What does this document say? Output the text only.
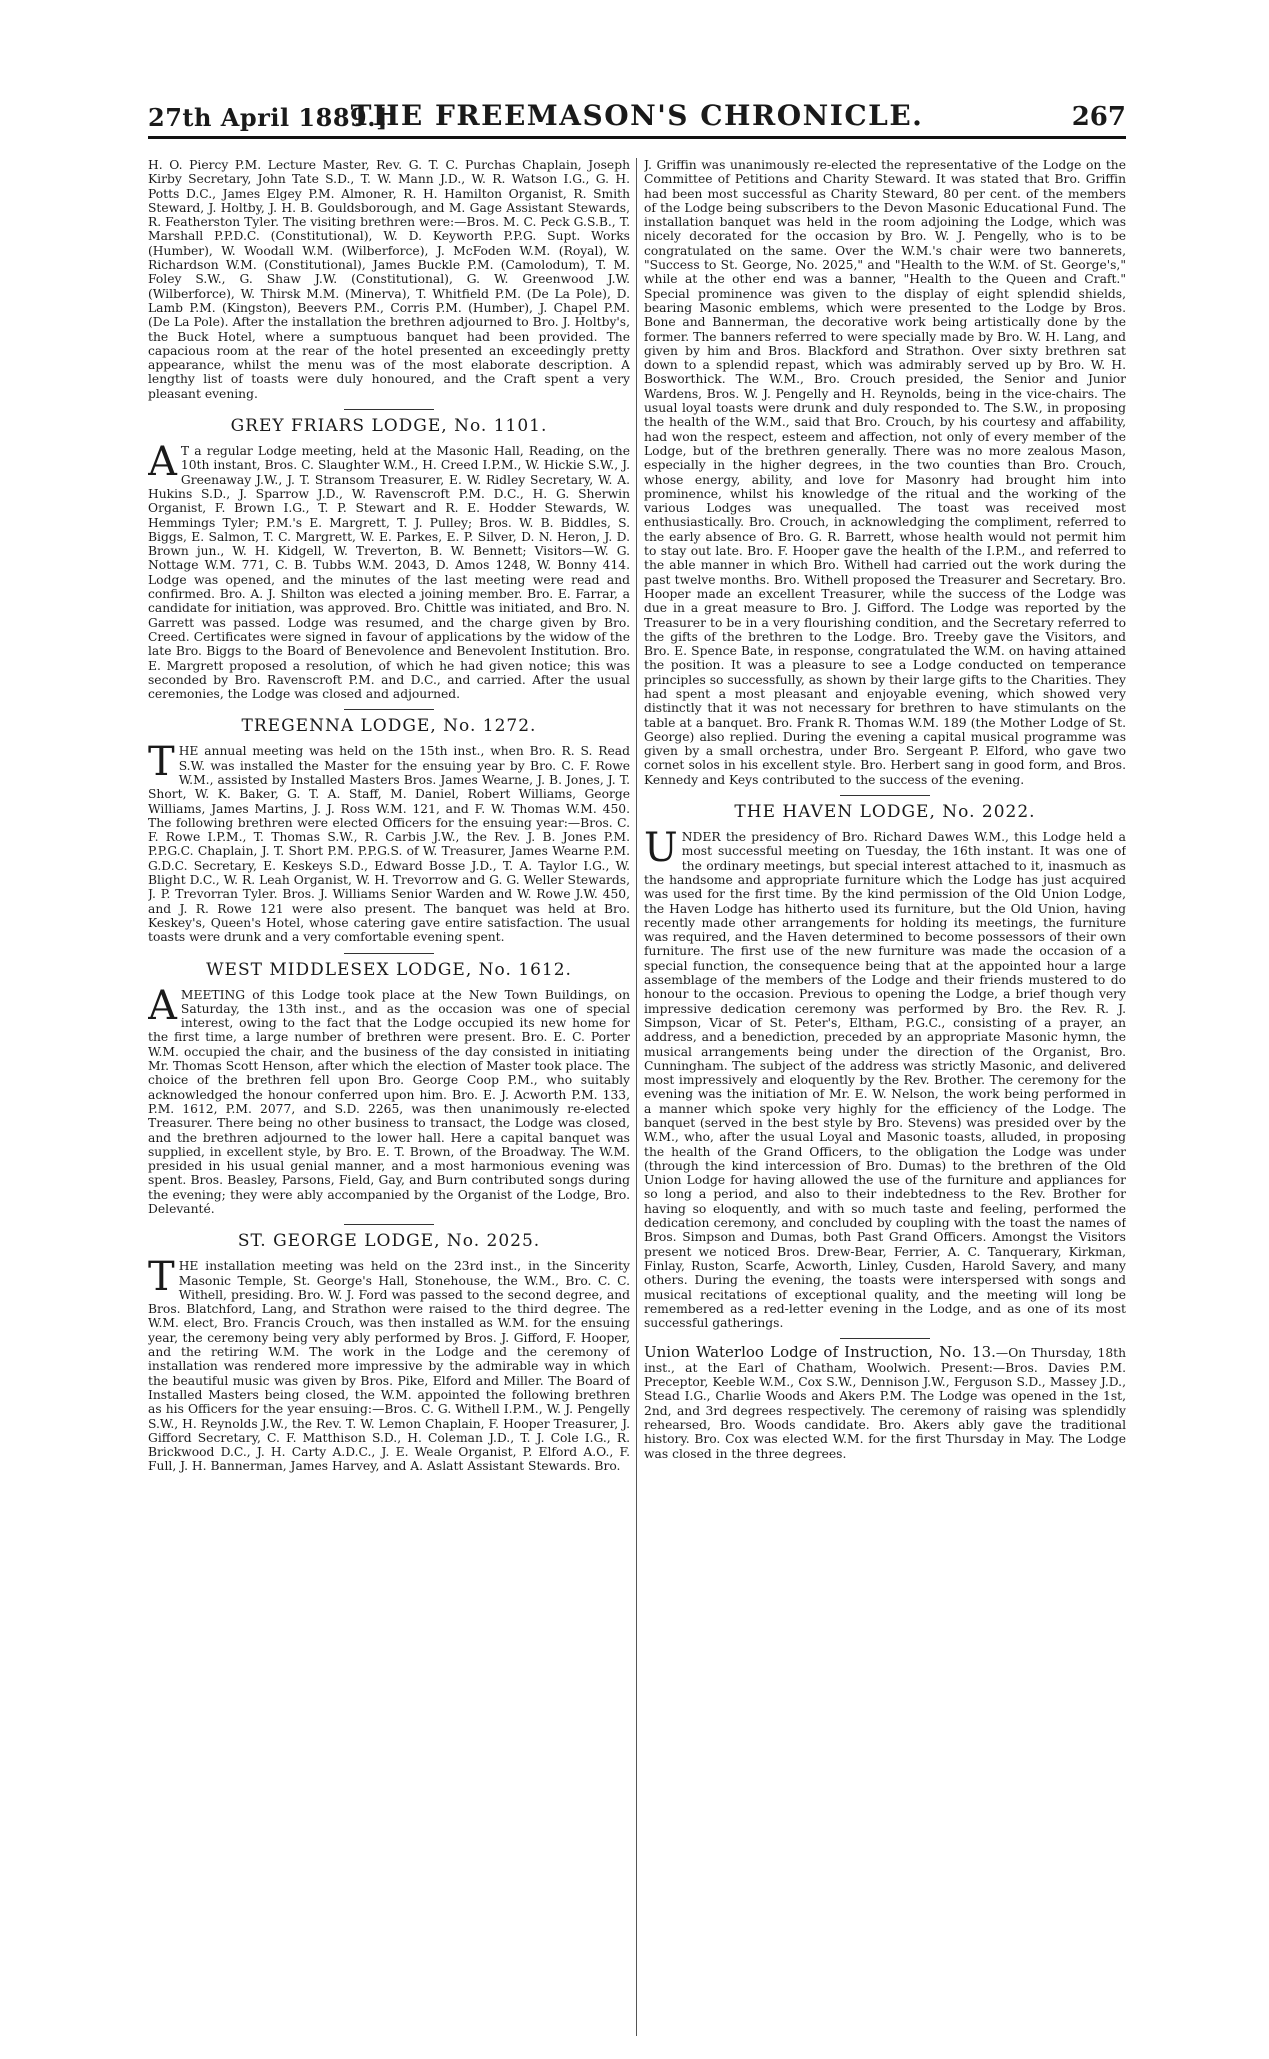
27th April 1889.]
THE FREEMASON'S CHRONICLE.	267

H. O. Piercy P.M. Lecture Master, Rev. G. T. C. Purchas Chaplain, Joseph Kirby Secretary, John Tate S.D., T. W. Mann J.D., W. R. Watson I.G., G. H. Potts D.C., James Elgey P.M. Almoner, R. H. Hamilton Organist, R. Smith Steward, J. Holtby, J. H. B. Gouldsborough, and M. Gage Assistant Stewards, R. Featherston Tyler. The visiting brethren were:—Bros. M. C. Peck G.S.B., T. Marshall P.P.D.C. (Constitutional), W. D. Keyworth P.P.G. Supt. Works (Humber), W. Woodall W.M. (Wilberforce), J. McFoden W.M. (Royal), W. Richardson W.M. (Constitutional), James Buckle P.M. (Camolodum), T. M. Foley S.W., G. Shaw J.W. (Constitutional), G. W. Greenwood J.W. (Wilberforce), W. Thirsk M.M. (Minerva), T. Whitfield P.M. (De La Pole), D. Lamb P.M. (Kingston), Beevers P.M., Corris P.M. (Humber), J. Chapel P.M. (De La Pole). After the installation the brethren adjourned to Bro. J. Holtby's, the Buck Hotel, where a sumptuous banquet had been provided. The capacious room at the rear of the hotel presented an exceedingly pretty appearance, whilst the menu was of the most elaborate description. A lengthy list of toasts were duly honoured, and the Craft spent a very pleasant evening.

GREY FRIARS LODGE, No. 1101.

A T a regular Lodge meeting, held at the Masonic Hall, Reading, on the 10th instant, Bros. C. Slaughter W.M., H. Creed I.P.M., W. Hickie S.W., J. Greenaway J.W., J. T. Stransom Treasurer, E. W. Ridley Secretary, W. A. Hukins S.D., J. Sparrow J.D., W. Ravenscroft P.M. D.C., H. G. Sherwin Organist, F. Brown I.G., T. P. Stewart and R. E. Hodder Stewards, W. Hemmings Tyler; P.M.'s E. Margrett, T. J. Pulley; Bros. W. B. Biddles, S. Biggs, E. Salmon, T. C. Margrett, W. E. Parkes, E. P. Silver, D. N. Heron, J. D. Brown jun., W. H. Kidgell, W. Treverton, B. W. Bennett; Visitors—W. G. Nottage W.M. 771, C. B. Tubbs W.M. 2043, D. Amos 1248, W. Bonny 414. Lodge was opened, and the minutes of the last meeting were read and confirmed. Bro. A. J. Shilton was elected a joining member. Bro. E. Farrar, a candidate for initiation, was approved. Bro. Chittle was initiated, and Bro. N. Garrett was passed. Lodge was resumed, and the charge given by Bro. Creed. Certificates were signed in favour of applications by the widow of the late Bro. Biggs to the Board of Benevolence and Benevolent Institution. Bro. E. Margrett proposed a resolution, of which he had given notice; this was seconded by Bro. Ravenscroft P.M. and D.C., and carried. After the usual ceremonies, the Lodge was closed and adjourned.

TREGENNA LODGE, No. 1272.

THE annual meeting was held on the 15th inst., when Bro. R. S. Read S.W. was installed the Master for the ensuing year by Bro. C. F. Rowe W.M., assisted by Installed Masters Bros. James Wearne, J. B. Jones, J. T. Short, W. K. Baker, G. T. A. Staff, M. Daniel, Robert Williams, George Williams, James Martins, J. J. Ross W.M. 121, and F. W. Thomas W.M. 450. The following brethren were elected Officers for the ensuing year:—Bros. C. F. Rowe I.P.M., T. Thomas S.W., R. Carbis J.W., the Rev. J. B. Jones P.M. P.P.G.C. Chaplain, J. T. Short P.M. P.P.G.S. of W. Treasurer, James Wearne P.M. G.D.C. Secretary, E. Keskeys S.D., Edward Bosse J.D., T. A. Taylor I.G., W. Blight D.C., W. R. Leah Organist, W. H. Trevorrow and G. G. Weller Stewards, J. P. Trevorran Tyler. Bros. J. Williams Senior Warden and W. Rowe J.W. 450, and J. R. Rowe 121 were also present. The banquet was held at Bro. Keskey's, Queen's Hotel, whose catering gave entire satisfaction. The usual toasts were drunk and a very comfortable evening spent.

WEST MIDDLESEX LODGE, No. 1612.

AMEETING of this Lodge took place at the New Town Buildings, on Saturday, the 13th inst., and as the occasion was one of special interest, owing to the fact that the Lodge occupied its new home for the first time, a large number of brethren were present. Bro. E. C. Porter W.M. occupied the chair, and the business of the day consisted in initiating Mr. Thomas Scott Henson, after which the election of Master took place. The choice of the brethren fell upon Bro. George Coop P.M., who suitably acknowledged the honour conferred upon him. Bro. E. J. Acworth P.M. 133, P.M. 1612, P.M. 2077, and S.D. 2265, was then unanimously re-elected Treasurer. There being no other business to transact, the Lodge was closed, and the brethren adjourned to the lower hall. Here a capital banquet was supplied, in excellent style, by Bro. E. T. Brown, of the Broadway. The W.M. presided in his usual genial manner, and a most harmonious evening was spent. Bros. Beasley, Parsons, Field, Gay, and Burn contributed songs during the evening; they were ably accompanied by the Organist of the Lodge, Bro. Delevanté.

ST. GEORGE LODGE, No. 2025.

THE installation meeting was held on the 23rd inst., in the Sincerity Masonic Temple, St. George's Hall, Stonehouse, the W.M., Bro. C. C. Withell, presiding. Bro. W. J. Ford was passed to the second degree, and Bros. Blatchford, Lang, and Strathon were raised to the third degree. The W.M. elect, Bro. Francis Crouch, was then installed as W.M. for the ensuing year, the ceremony being very ably performed by Bros. J. Gifford, F. Hooper, and the retiring W.M. The work in the Lodge and the ceremony of installation was rendered more impressive by the admirable way in which the beautiful music was given by Bros. Pike, Elford and Miller. The Board of Installed Masters being closed, the W.M. appointed the following brethren as his Officers for the year ensuing:—Bros. C. G. Withell I.P.M., W. J. Pengelly S.W., H. Reynolds J.W., the Rev. T. W. Lemon Chaplain, F. Hooper Treasurer, J. Gifford Secretary, C. F. Matthison S.D., H. Coleman J.D., T. J. Cole I.G., R. Brickwood D.C., J. H. Carty A.D.C., J. E. Weale Organist, P. Elford A.O., F. Full, J. H. Bannerman, James Harvey, and A. Aslatt Assistant Stewards. Bro.

J. Griffin was unanimously re-elected the representative of the Lodge on the Committee of Petitions and Charity Steward. It was stated that Bro. Griffin had been most successful as Charity Steward, 80 per cent. of the members of the Lodge being subscribers to the Devon Masonic Educational Fund. The installation banquet was held in the room adjoining the Lodge, which was nicely decorated for the occasion by Bro. W. J. Pengelly, who is to be congratulated on the same. Over the W.M.'s chair were two bannerets, "Success to St. George, No. 2025," and "Health to the W.M. of St. George's," while at the other end was a banner, "Health to the Queen and Craft." Special prominence was given to the display of eight splendid shields, bearing Masonic emblems, which were presented to the Lodge by Bros. Bone and Bannerman, the decorative work being artistically done by the former. The banners referred to were specially made by Bro. W. H. Lang, and given by him and Bros. Blackford and Strathon. Over sixty brethren sat down to a splendid repast, which was admirably served up by Bro. W. H. Bosworthick. The W.M., Bro. Crouch presided, the Senior and Junior Wardens, Bros. W. J. Pengelly and H. Reynolds, being in the vice-chairs. The usual loyal toasts were drunk and duly responded to. The S.W., in proposing the health of the W.M., said that Bro. Crouch, by his courtesy and affability, had won the respect, esteem and affection, not only of every member of the Lodge, but of the brethren generally. There was no more zealous Mason, especially in the higher degrees, in the two counties than Bro. Crouch, whose energy, ability, and love for Masonry had brought him into prominence, whilst his knowledge of the ritual and the working of the various Lodges was unequalled. The toast was received most enthusiastically. Bro. Crouch, in acknowledging the compliment, referred to the early absence of Bro. G. R. Barrett, whose health would not permit him to stay out late. Bro. F. Hooper gave the health of the I.P.M., and referred to the able manner in which Bro. Withell had carried out the work during the past twelve months. Bro. Withell proposed the Treasurer and Secretary. Bro. Hooper made an excellent Treasurer, while the success of the Lodge was due in a great measure to Bro. J. Gifford. The Lodge was reported by the Treasurer to be in a very flourishing condition, and the Secretary referred to the gifts of the brethren to the Lodge. Bro. Treeby gave the Visitors, and Bro. E. Spence Bate, in response, congratulated the W.M. on having attained the position. It was a pleasure to see a Lodge conducted on temperance principles so successfully, as shown by their large gifts to the Charities. They had spent a most pleasant and enjoyable evening, which showed very distinctly that it was not necessary for brethren to have stimulants on the table at a banquet. Bro. Frank R. Thomas W.M. 189 (the Mother Lodge of St. George) also replied. During the evening a capital musical programme was given by a small orchestra, under Bro. Sergeant P. Elford, who gave two cornet solos in his excellent style. Bro. Herbert sang in good form, and Bros. Kennedy and Keys contributed to the success of the evening.

THE HAVEN LODGE, No. 2022.

UNDER the presidency of Bro. Richard Dawes W.M., this Lodge held a most successful meeting on Tuesday, the 16th instant. It was one of the ordinary meetings, but special interest attached to it, inasmuch as the handsome and appropriate furniture which the Lodge has just acquired was used for the first time. By the kind permission of the Old Union Lodge, the Haven Lodge has hitherto used its furniture, but the Old Union, having recently made other arrangements for holding its meetings, the furniture was required, and the Haven determined to become possessors of their own furniture. The first use of the new furniture was made the occasion of a special function, the consequence being that at the appointed hour a large assemblage of the members of the Lodge and their friends mustered to do honour to the occasion. Previous to opening the Lodge, a brief though very impressive dedication ceremony was performed by Bro. the Rev. R. J. Simpson, Vicar of St. Peter's, Eltham, P.G.C., consisting of a prayer, an address, and a benediction, preceded by an appropriate Masonic hymn, the musical arrangements being under the direction of the Organist, Bro. Cunningham. The subject of the address was strictly Masonic, and delivered most impressively and eloquently by the Rev. Brother. The ceremony for the evening was the initiation of Mr. E. W. Nelson, the work being performed in a manner which spoke very highly for the efficiency of the Lodge. The banquet (served in the best style by Bro. Stevens) was presided over by the W.M., who, after the usual Loyal and Masonic toasts, alluded, in proposing the health of the Grand Officers, to the obligation the Lodge was under (through the kind intercession of Bro. Dumas) to the brethren of the Old Union Lodge for having allowed the use of the furniture and appliances for so long a period, and also to their indebtedness to the Rev. Brother for having so eloquently, and with so much taste and feeling, performed the dedication ceremony, and concluded by coupling with the toast the names of Bros. Simpson and Dumas, both Past Grand Officers. Amongst the Visitors present we noticed Bros. Drew-Bear, Ferrier, A. C. Tanquerary, Kirkman, Finlay, Ruston, Scarfe, Acworth, Linley, Cusden, Harold Savery, and many others. During the evening, the toasts were interspersed with songs and musical recitations of exceptional quality, and the meeting will long be remembered as a red-letter evening in the Lodge, and as one of its most successful gatherings.

Union Waterloo Lodge of Instruction, No. 13.—On Thursday, 18th inst., at the Earl of Chatham, Woolwich. Present:—Bros. Davies P.M. Preceptor, Keeble W.M., Cox S.W., Dennison J.W., Ferguson S.D., Massey J.D., Stead I.G., Charlie Woods and Akers P.M. The Lodge was opened in the 1st, 2nd, and 3rd degrees respectively. The ceremony of raising was splendidly rehearsed, Bro. Woods candidate. Bro. Akers ably gave the traditional history. Bro. Cox was elected W.M. for the first Thursday in May. The Lodge was closed in the three degrees.
